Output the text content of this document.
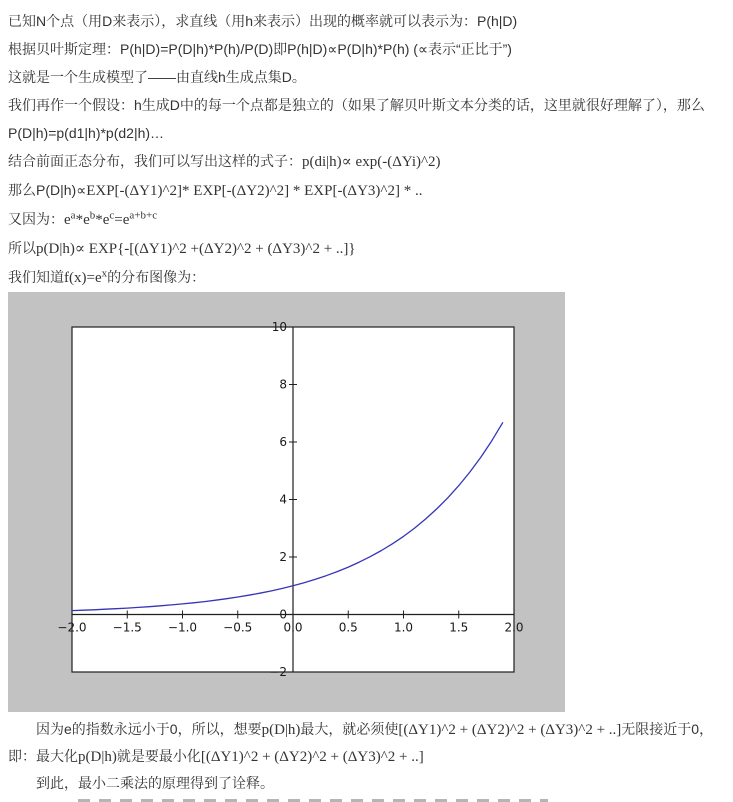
已知N个点（用D来表示），求直线（用h来表示）出现的概率就可以表示为：P(h|D)

根据贝叶斯定理：P(h|D)=P(D|h)*P(h)/P(D)即P(h|D)∝P(D|h)*P(h) (∝表示“正比于”)

这就是一个生成模型了——由直线h生成点集D。

我们再作一个假设：h生成D中的每一个点都是独立的（如果了解贝叶斯文本分类的话，这里就很好理解了），那么P(D|h)=p(d1|h)*p(d2|h)…

结合前面正态分布，我们可以写出这样的式子：p(di|h)∝ exp(-(ΔYi)^2)

那么P(D|h)∝EXP[-(ΔY1)^2]* EXP[-(ΔY2)^2] * EXP[-(ΔY3)^2] * ..

又因为：$e^a*e^b*e^c=e^{a+b+c}$

所以p(D|h)∝ EXP{-[(ΔY1)^2 +(ΔY2)^2 + (ΔY3)^2 + ..]}

我们知道$f(x)=e^x$的分布图像为：

−2.0 −1.5 −1.0 −0.5	0.0	0.5	1.0	1.5	2.0
−2
0
2
4
6
8
10

因为e的指数永远小于0，所以，想要p(D|h)最大，就必须使[(ΔY1)^2 + (ΔY2)^2 + (ΔY3)^2 + ..]无限接近于0，

即：最大化p(D|h)就是要最小化[(ΔY1)^2 + (ΔY2)^2 + (ΔY3)^2 + ..]

到此，最小二乘法的原理得到了诠释。
